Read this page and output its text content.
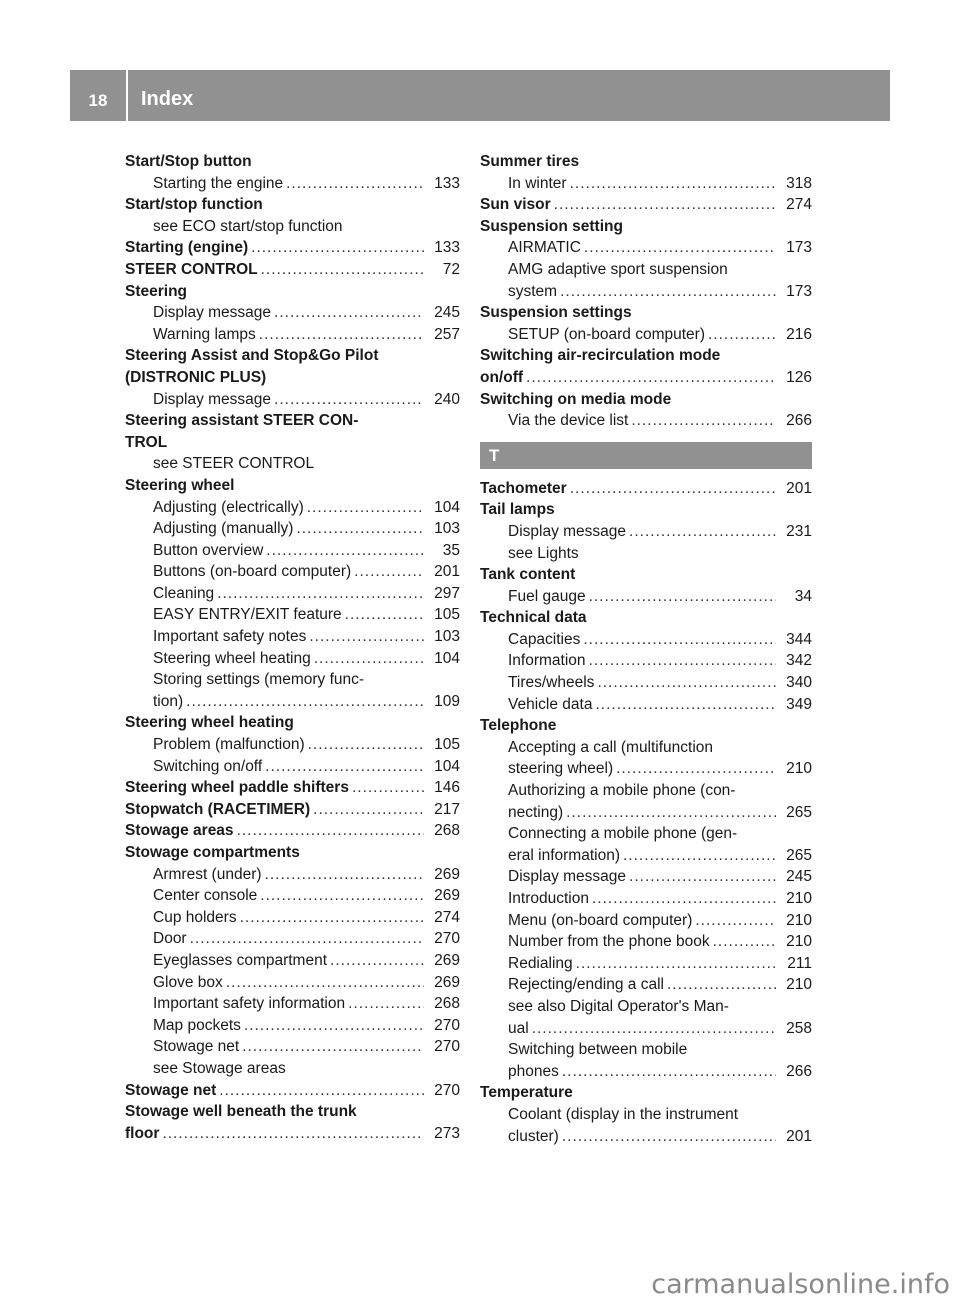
18	Index
Start/Stop button
Starting the engine .....	133
Start/stop function
see ECO start/stop function
Starting (engine) .....	133
STEER CONTROL .....	72
Steering
Display message .....	245
Warning lamps .....	257
Steering Assist and Stop&Go Pilot
(DISTRONIC PLUS)
Display message .....	240
Steering assistant STEER CON-
TROL
see STEER CONTROL
Steering wheel
Adjusting (electrically) .....	104
Adjusting (manually) .....	103
Button overview .....	35
Buttons (on-board computer) .....	201
Cleaning .....	297
EASY ENTRY/EXIT feature .....	105
Important safety notes .....	103
Steering wheel heating .....	104
Storing settings (memory func-
tion) .....	109
Steering wheel heating
Problem (malfunction) .....	105
Switching on/off .....	104
Steering wheel paddle shifters .....	146
Stopwatch (RACETIMER) .....	217
Stowage areas .....	268
Stowage compartments
Armrest (under) .....	269
Center console .....	269
Cup holders .....	274
Door .....	270
Eyeglasses compartment .....	269
Glove box .....	269
Important safety information .....	268
Map pockets .....	270
Stowage net .....	270
see Stowage areas
Stowage net .....	270
Stowage well beneath the trunk
floor .....	273
Summer tires
In winter .....	318
Sun visor .....	274
Suspension setting
AIRMATIC .....	173
AMG adaptive sport suspension
system .....	173
Suspension settings
SETUP (on-board computer) .....	216
Switching air-recirculation mode
on/off .....	126
Switching on media mode
Via the device list .....	266
T
Tachometer .....	201
Tail lamps
Display message .....	231
see Lights
Tank content
Fuel gauge .....	34
Technical data
Capacities .....	344
Information .....	342
Tires/wheels .....	340
Vehicle data .....	349
Telephone
Accepting a call (multifunction
steering wheel) .....	210
Authorizing a mobile phone (con-
necting) .....	265
Connecting a mobile phone (gen-
eral information) .....	265
Display message .....	245
Introduction .....	210
Menu (on-board computer) .....	210
Number from the phone book .....	210
Redialing .....	211
Rejecting/ending a call .....	210
see also Digital Operator's Man-
ual .....	258
Switching between mobile
phones .....	266
Temperature
Coolant (display in the instrument
cluster) .....	201
carmanualsonline.info
